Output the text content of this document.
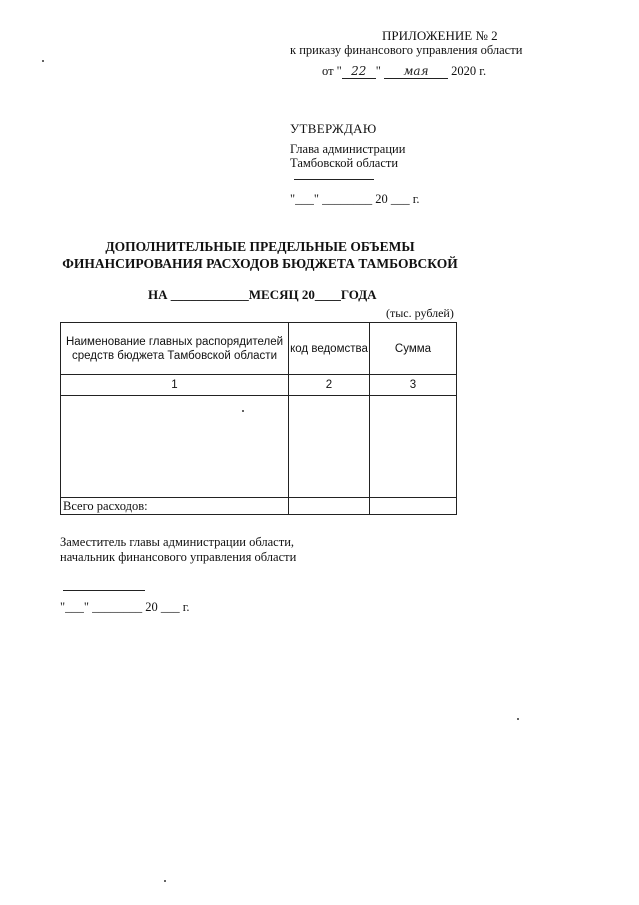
ПРИЛОЖЕНИЕ № 2
к приказу финансового управления области
от " 22 " мая 2020 г.
УТВЕРЖДАЮ
Глава администрации
Тамбовской области
"___" ________ 20 ___ г.
ДОПОЛНИТЕЛЬНЫЕ ПРЕДЕЛЬНЫЕ ОБЪЕМЫ
ФИНАНСИРОВАНИЯ РАСХОДОВ БЮДЖЕТА ТАМБОВСКОЙ
НА ____________МЕСЯЦ 20____ГОДА
(тыс. рублей)
Наименование главных распорядителей средств бюджета Тамбовской области	код ведомства	Сумма
1	2	3

Всего расходов:		
Заместитель главы администрации области,
начальник финансового управления области
"___" ________ 20 ___ г.
